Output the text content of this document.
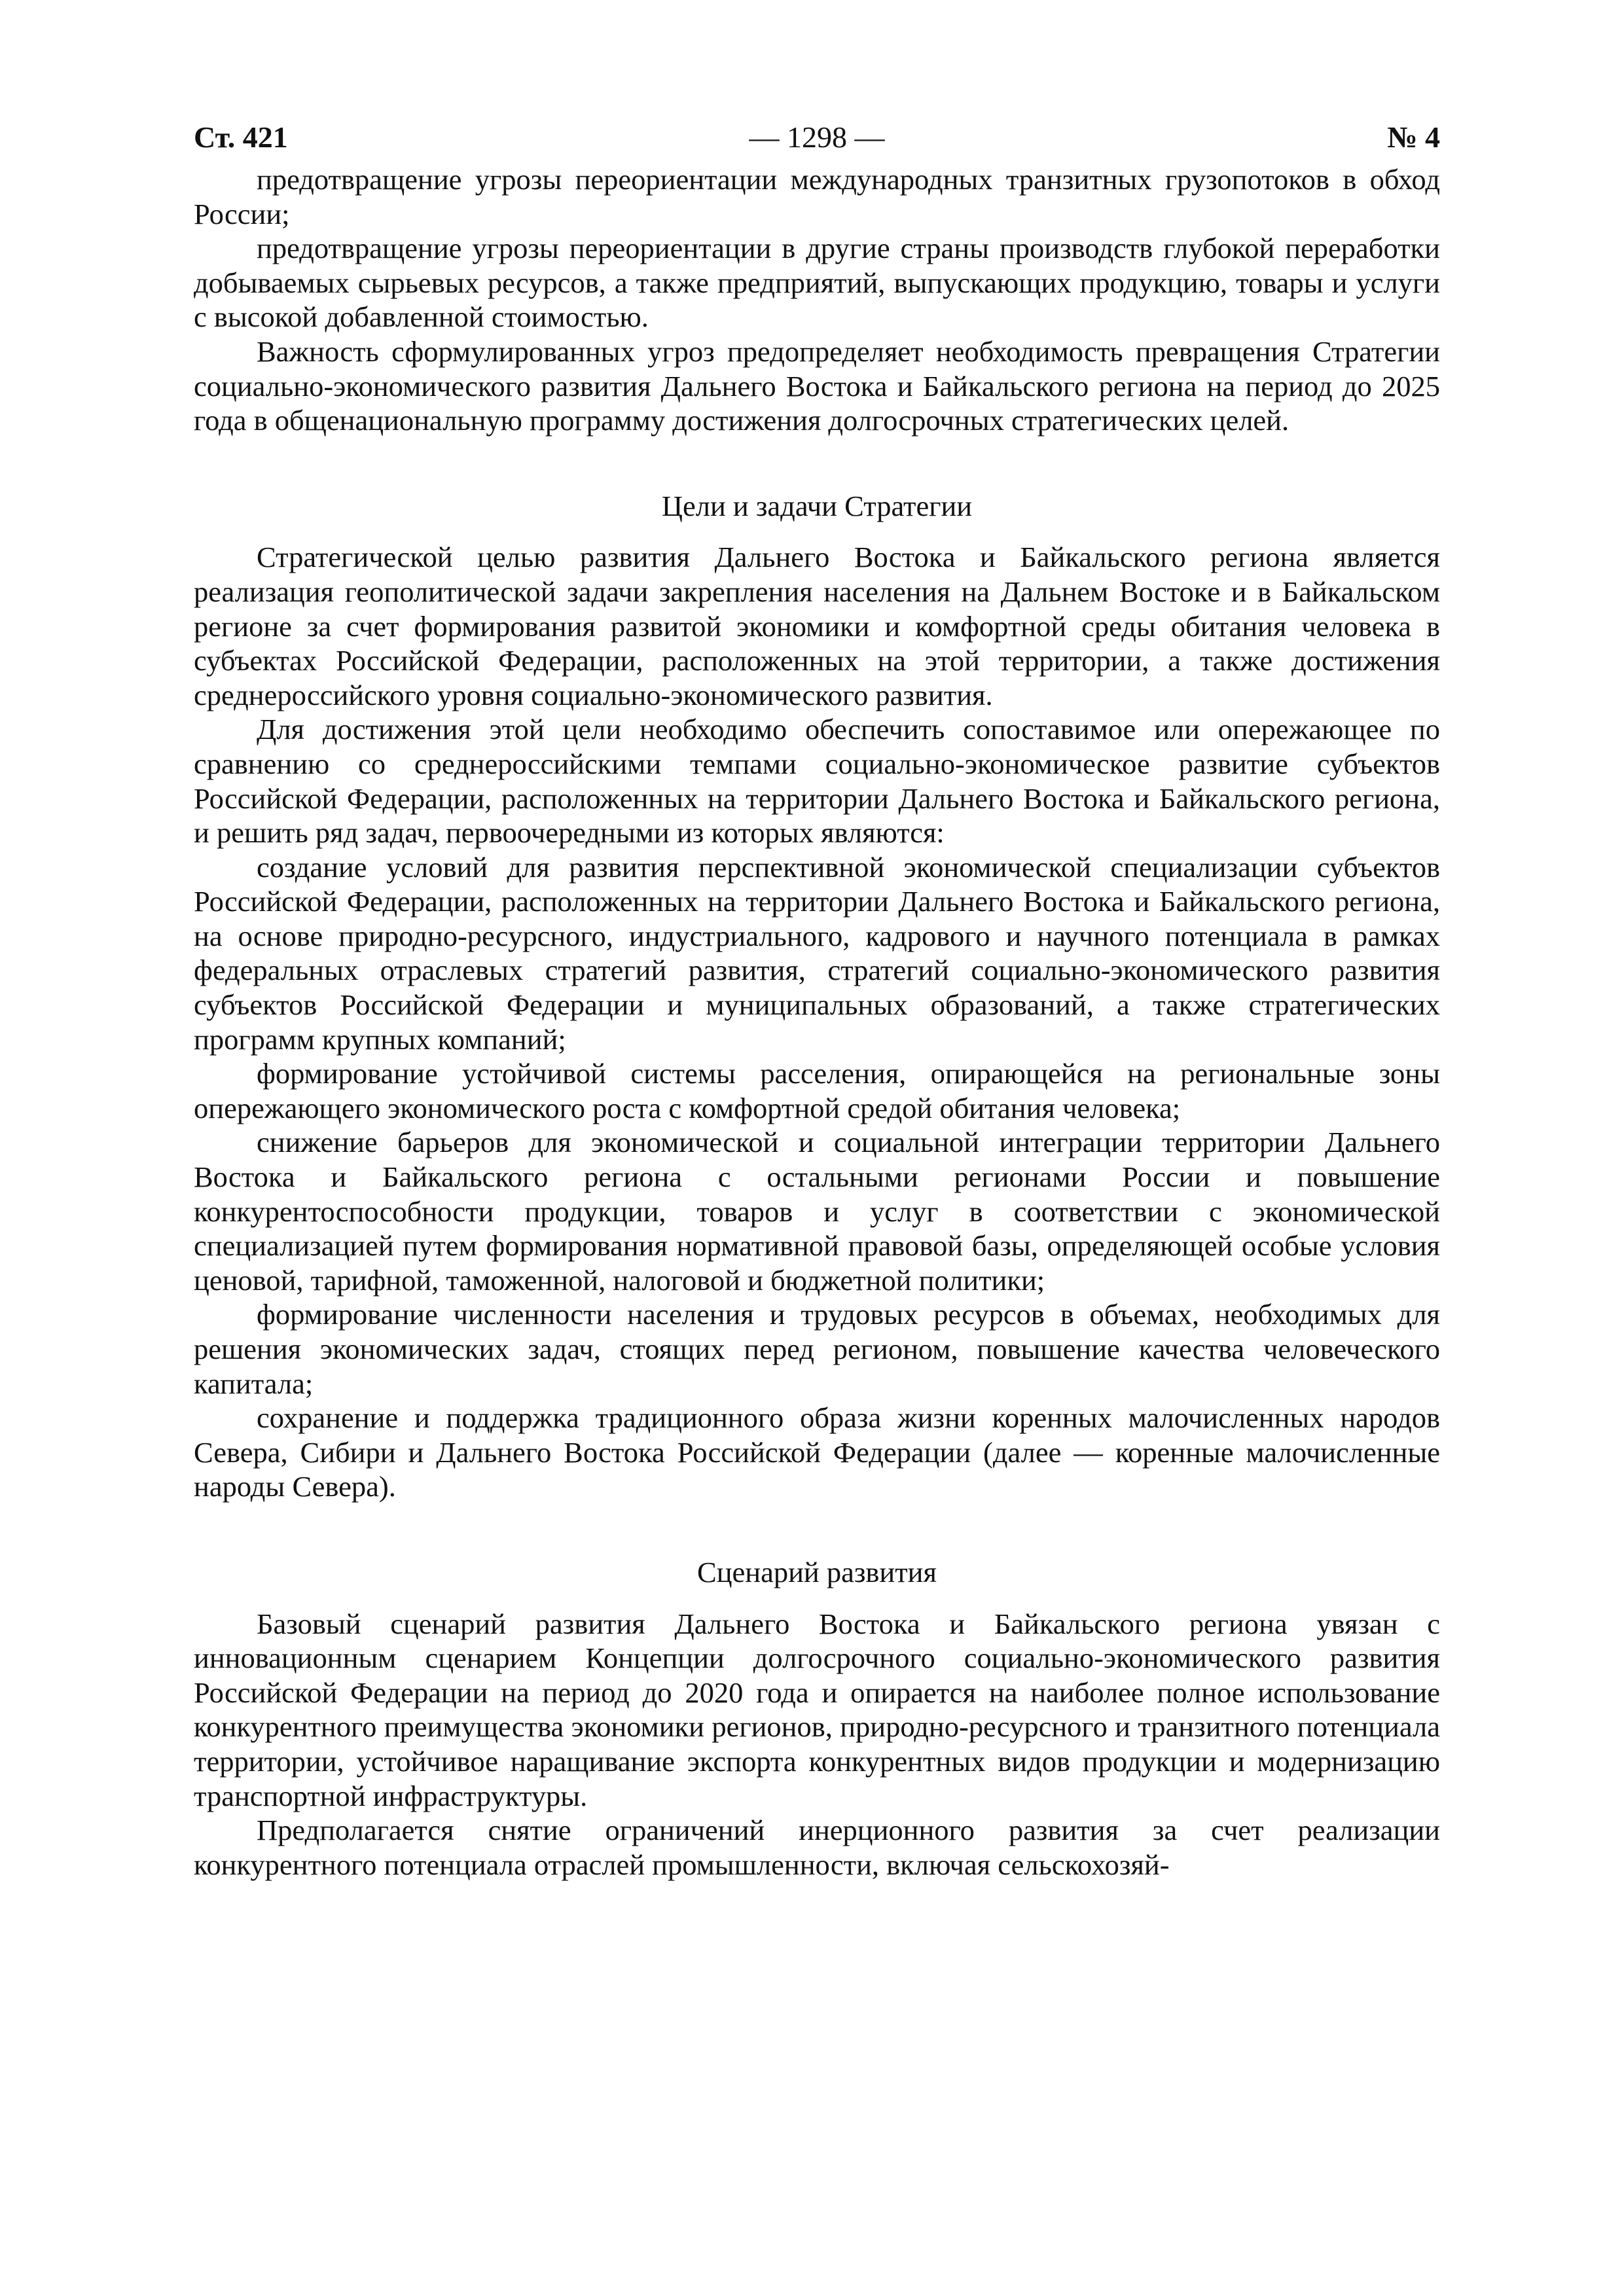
Ст. 421	— 1298 —	№ 4

предотвращение угрозы переориентации международных транзитных грузопотоков в обход России;

предотвращение угрозы переориентации в другие страны производств глубокой переработки добываемых сырьевых ресурсов, а также предприятий, выпускающих продукцию, товары и услуги с высокой добавленной стоимостью.

Важность сформулированных угроз предопределяет необходимость превращения Стратегии социально-экономического развития Дальнего Востока и Байкальского региона на период до 2025 года в общенациональную программу достижения долгосрочных стратегических целей.

Цели и задачи Стратегии

Стратегической целью развития Дальнего Востока и Байкальского региона является реализация геополитической задачи закрепления населения на Дальнем Востоке и в Байкальском регионе за счет формирования развитой экономики и комфортной среды обитания человека в субъектах Российской Федерации, расположенных на этой территории, а также достижения среднероссийского уровня социально-экономического развития.

Для достижения этой цели необходимо обеспечить сопоставимое или опережающее по сравнению со среднероссийскими темпами социально-экономическое развитие субъектов Российской Федерации, расположенных на территории Дальнего Востока и Байкальского региона, и решить ряд задач, первоочередными из которых являются:

создание условий для развития перспективной экономической специализации субъектов Российской Федерации, расположенных на территории Дальнего Востока и Байкальского региона, на основе природно-ресурсного, индустриального, кадрового и научного потенциала в рамках федеральных отраслевых стратегий развития, стратегий социально-экономического развития субъектов Российской Федерации и муниципальных образований, а также стратегических программ крупных компаний;

формирование устойчивой системы расселения, опирающейся на региональные зоны опережающего экономического роста с комфортной средой обитания человека;

снижение барьеров для экономической и социальной интеграции территории Дальнего Востока и Байкальского региона с остальными регионами России и повышение конкурентоспособности продукции, товаров и услуг в соответствии с экономической специализацией путем формирования нормативной правовой базы, определяющей особые условия ценовой, тарифной, таможенной, налоговой и бюджетной политики;

формирование численности населения и трудовых ресурсов в объемах, необходимых для решения экономических задач, стоящих перед регионом, повышение качества человеческого капитала;

сохранение и поддержка традиционного образа жизни коренных малочисленных народов Севера, Сибири и Дальнего Востока Российской Федерации (далее — коренные малочисленные народы Севера).

Сценарий развития

Базовый сценарий развития Дальнего Востока и Байкальского региона увязан с инновационным сценарием Концепции долгосрочного социально-экономического развития Российской Федерации на период до 2020 года и опирается на наиболее полное использование конкурентного преимущества экономики регионов, природно-ресурсного и транзитного потенциала территории, устойчивое наращивание экспорта конкурентных видов продукции и модернизацию транспортной инфраструктуры.

Предполагается снятие ограничений инерционного развития за счет реализации конкурентного потенциала отраслей промышленности, включая сельскохозяй-
